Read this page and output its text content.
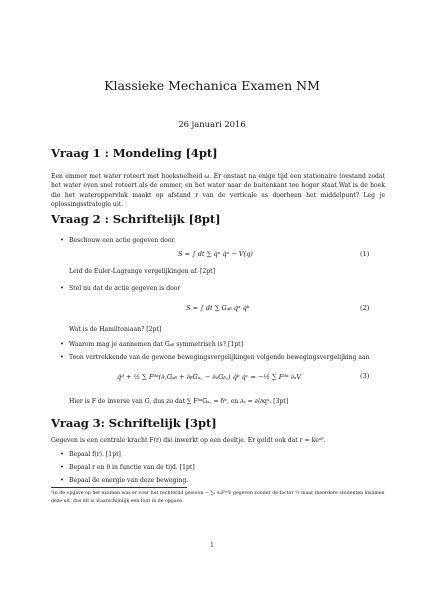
Klassieke Mechanica Examen NM
26 januari 2016
Vraag 1 : Mondeling [4pt]

Een emmer met water roteert met hoeksnelheid ω. Er onstaat na enige tijd een stationaire toestand zodat het water even snel roteert als de emmer, en het water naar de buitenkant toe hoger staat.Wat is de hoek die het wateroppervlak maakt op afstand r van de verticale as doorheen het middelpunt? Leg je oplossingsstrategie uit.

Vraag 2 : Schriftelijk [8pt]
• Beschouw een actie gegeven door
S = ∫ dt ∑ q̇ᵃ q̇ᵃ − V(q)	(1)
Leid de Euler-Lagrange vergelijkingen af. [2pt]
• Stel nu dat de actie gegeven is door
S = ∫ dt ∑ Gₐᵦ q̇ᵃ q̇ᵇ	(2)
Wat is de Hamiltoniaan? [2pt]
• Waarom mag je aannemen dat Gₐᵦ symmetrisch is? [1pt]
• Toon vertrekkende van de gewone bewegingsvergelijkingen volgende bewegingsvergelijking aan
q̈ᵈ + ½ ∑ Fᵈᵃ(∂꜀Gₐᵦ + ∂ᵦGₐ꜀ − ∂ₐGᵦ꜀) q̇ᵇ q̇ᶜ = −½ ∑ Fᵈᵃ ∂ₐV	(3)
Hier is F de inverse van G, dus zo dat ∑ FᵇᵃGₐ꜀ = δᵇ꜀ en ∂ₐ = ∂/∂qᵃ. [3pt]
Vraag 3: Schriftelijk [3pt]

Gegeven is een centrale kracht F(r) die inwerkt op een deeltje. Er geldt ook dat r = keᵃᶿ.

• Bepaal f(r). [1pt]
• Bepaal r en θ in functie van de tijd. [1pt]
• Bepaal de energie van deze beweging.
¹In de opgave op het examen was er voor het rechterlid gewoon − ∑ₐ ∂ₐFᵈᵃV gegeven zonder de factor ½ maar meerdere studenten kwamen deze uit, dus dit is waarschijnlijk een fout in de opgave.
1
